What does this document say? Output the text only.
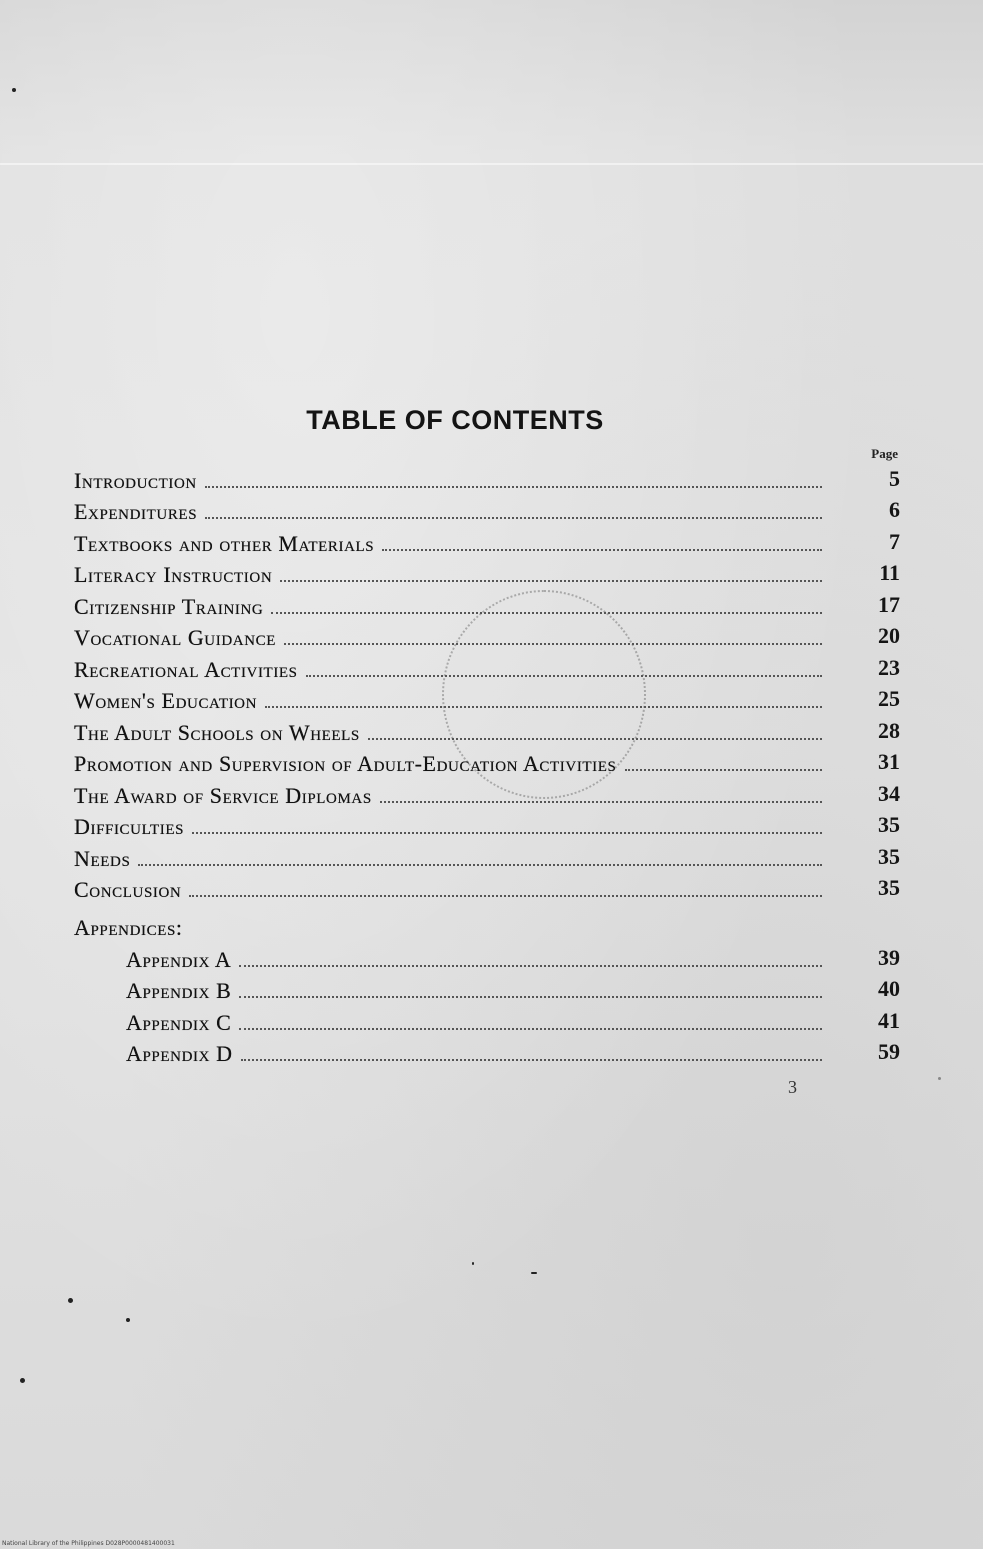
TABLE OF CONTENTS
Page
Introduction	5
Expenditures	6
Textbooks and other Materials	7
Literacy Instruction	11
Citizenship Training	17
Vocational Guidance	20
Recreational Activities	23
Women's Education	25
The Adult Schools on Wheels	28
Promotion and Supervision of Adult-Education Activities	31
The Award of Service Diplomas	34
Difficulties	35
Needs	35
Conclusion	35
Appendices:
Appendix A	39
Appendix B	40
Appendix C	41
Appendix D	59
3
National Library of the Philippines D028P0000481400031
